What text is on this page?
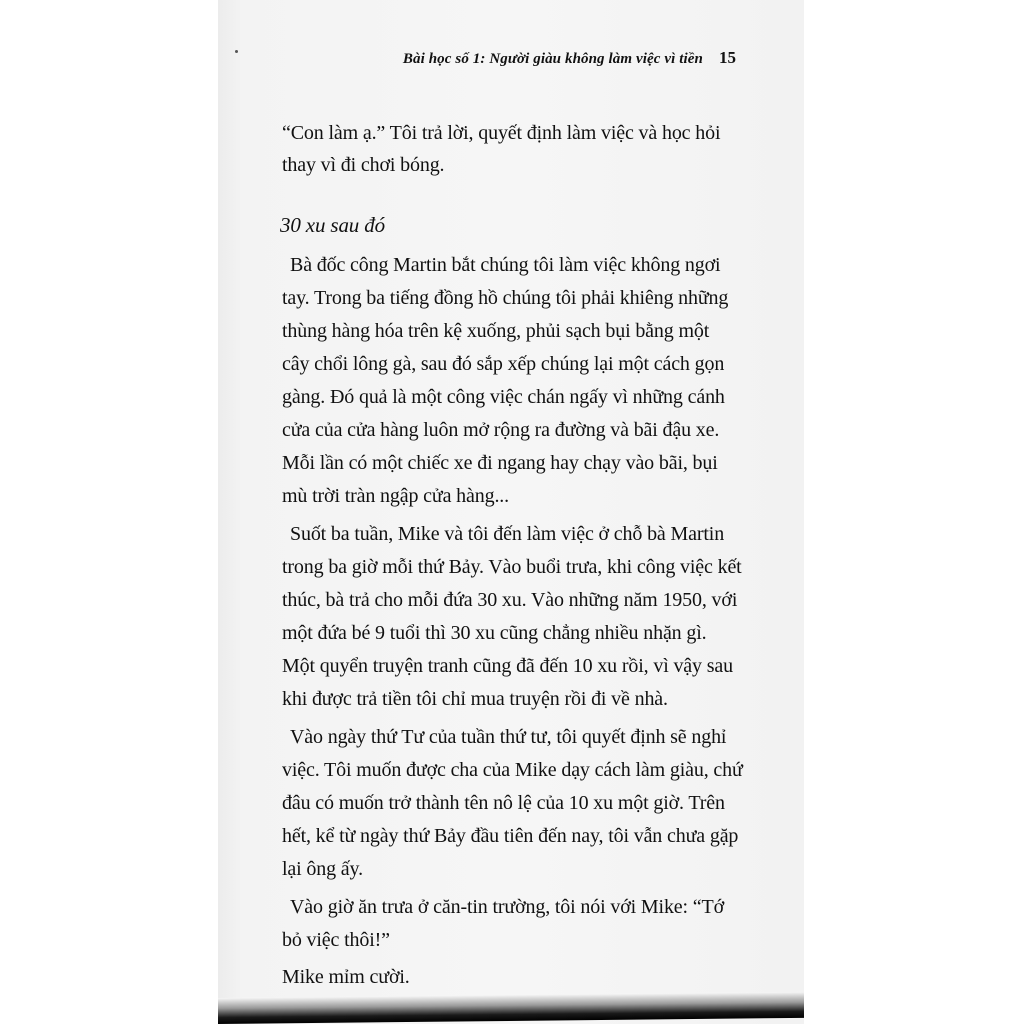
Bài học số 1: Người giàu không làm việc vì tiền 15
“Con làm ạ.” Tôi trả lời, quyết định làm việc và học hỏi
thay vì đi chơi bóng.
30 xu sau đó
Bà đốc công Martin bắt chúng tôi làm việc không ngơi
tay. Trong ba tiếng đồng hồ chúng tôi phải khiêng những
thùng hàng hóa trên kệ xuống, phủi sạch bụi bằng một
cây chổi lông gà, sau đó sắp xếp chúng lại một cách gọn
gàng. Đó quả là một công việc chán ngấy vì những cánh
cửa của cửa hàng luôn mở rộng ra đường và bãi đậu xe.
Mỗi lần có một chiếc xe đi ngang hay chạy vào bãi, bụi
mù trời tràn ngập cửa hàng...
Suốt ba tuần, Mike và tôi đến làm việc ở chỗ bà Martin
trong ba giờ mỗi thứ Bảy. Vào buổi trưa, khi công việc kết
thúc, bà trả cho mỗi đứa 30 xu. Vào những năm 1950, với
một đứa bé 9 tuổi thì 30 xu cũng chẳng nhiều nhặn gì.
Một quyển truyện tranh cũng đã đến 10 xu rồi, vì vậy sau
khi được trả tiền tôi chỉ mua truyện rồi đi về nhà.
Vào ngày thứ Tư của tuần thứ tư, tôi quyết định sẽ nghỉ
việc. Tôi muốn được cha của Mike dạy cách làm giàu, chứ
đâu có muốn trở thành tên nô lệ của 10 xu một giờ. Trên
hết, kể từ ngày thứ Bảy đầu tiên đến nay, tôi vẫn chưa gặp
lại ông ấy.
Vào giờ ăn trưa ở căn-tin trường, tôi nói với Mike: “Tớ
bỏ việc thôi!”
Mike mỉm cười.
